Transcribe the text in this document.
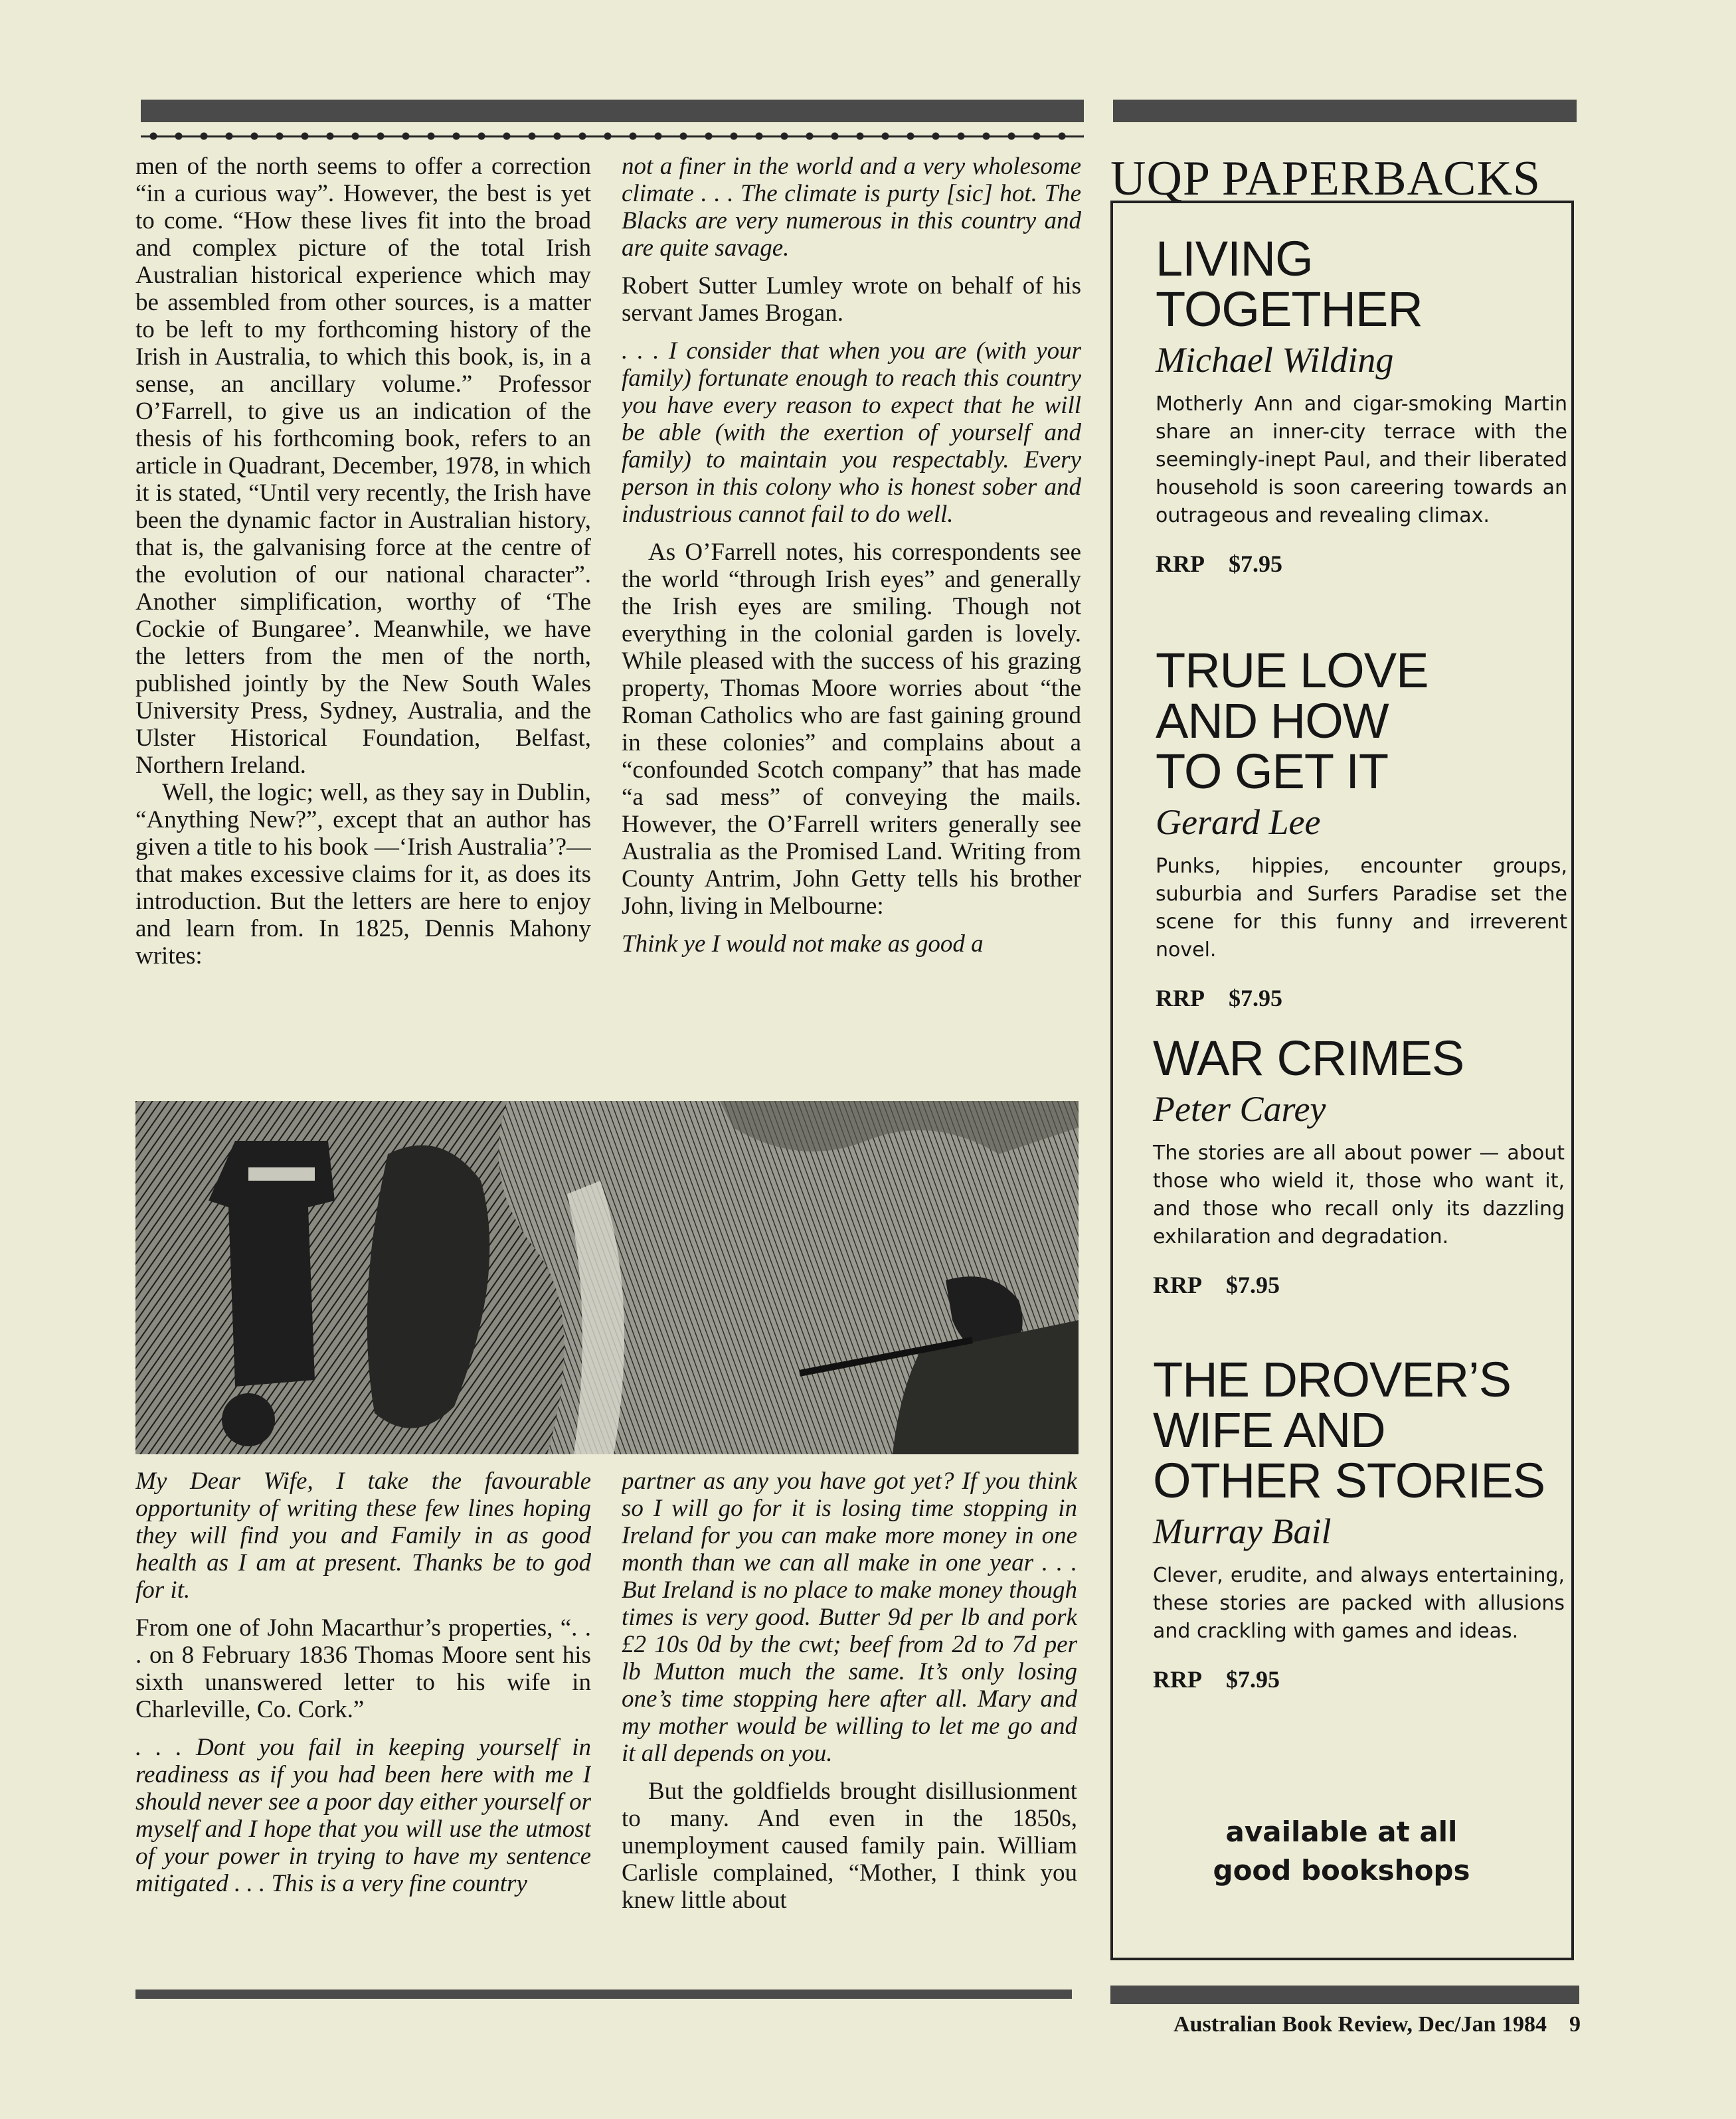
men of the north seems to offer a correction “in a curious way”. However, the best is yet to come. “How these lives fit into the broad and complex picture of the total Irish Australian historical experience which may be assembled from other sources, is a matter to be left to my forthcoming history of the Irish in Australia, to which this book, is, in a sense, an ancillary volume.” Professor O’Farrell, to give us an indication of the thesis of his forthcoming book, refers to an article in Quadrant, December, 1978, in which it is stated, “Until very recently, the Irish have been the dynamic factor in Australian history, that is, the galvanising force at the centre of the evolution of our national character”. Another simplification, worthy of ‘The Cockie of Bungaree’. Meanwhile, we have the letters from the men of the north, published jointly by the New South Wales University Press, Sydney, Australia, and the Ulster Historical Foundation, Belfast, Northern Ireland.

Well, the logic; well, as they say in Dublin, “Anything New?”, except that an author has given a title to his book —‘Irish Australia’?—that makes excessive claims for it, as does its introduction. But the letters are here to enjoy and learn from. In 1825, Dennis Mahony writes:

not a finer in the world and a very wholesome climate . . . The climate is purty [sic] hot. The Blacks are very numerous in this country and are quite savage.

Robert Sutter Lumley wrote on behalf of his servant James Brogan.

. . . I consider that when you are (with your family) fortunate enough to reach this country you have every reason to expect that he will be able (with the exertion of yourself and family) to maintain you respectably. Every person in this colony who is honest sober and industrious cannot fail to do well.

As O’Farrell notes, his correspondents see the world “through Irish eyes” and generally the Irish eyes are smiling. Though not everything in the colonial garden is lovely. While pleased with the success of his grazing property, Thomas Moore worries about “the Roman Catholics who are fast gaining ground in these colonies” and complains about a “confounded Scotch company” that has made “a sad mess” of conveying the mails. However, the O’Farrell writers generally see Australia as the Promised Land. Writing from County Antrim, John Getty tells his brother John, living in Melbourne:

Think ye I would not make as good a

My Dear Wife, I take the favourable opportunity of writing these few lines hoping they will find you and Family in as good health as I am at present. Thanks be to god for it.

From one of John Macarthur’s properties, “. . . on 8 February 1836 Thomas Moore sent his sixth unanswered letter to his wife in Charleville, Co. Cork.”

. . . Dont you fail in keeping yourself in readiness as if you had been here with me I should never see a poor day either yourself or myself and I hope that you will use the utmost of your power in trying to have my sentence mitigated . . . This is a very fine country

partner as any you have got yet? If you think so I will go for it is losing time stopping in Ireland for you can make more money in one month than we can all make in one year . . . But Ireland is no place to make money though times is very good. Butter 9d per lb and pork £2 10s 0d by the cwt; beef from 2d to 7d per lb Mutton much the same. It’s only losing one’s time stopping here after all. Mary and my mother would be willing to let me go and it all depends on you.

But the goldfields brought disillusionment to many. And even in the 1850s, unemployment caused family pain. William Carlisle complained, “Mother, I think you knew little about

UQP PAPERBACKS
LIVING
TOGETHER
Michael Wilding
Motherly Ann and cigar-smoking Martin share an inner-city terrace with the seemingly-inept Paul, and their liberated household is soon careering towards an outrageous and revealing climax.
RRP $7.95
TRUE LOVE
AND HOW
TO GET IT
Gerard Lee
Punks, hippies, encounter groups, suburbia and Surfers Paradise set the scene for this funny and irreverent novel.
RRP $7.95
WAR CRIMES
Peter Carey
The stories are all about power — about those who wield it, those who want it, and those who recall only its dazzling exhilaration and degradation.
RRP $7.95
THE DROVER’S
WIFE AND
OTHER STORIES
Murray Bail
Clever, erudite, and always entertaining, these stories are packed with allusions and crackling with games and ideas.
RRP $7.95
available at all
good bookshops
Australian Book Review, Dec/Jan 1984 9
